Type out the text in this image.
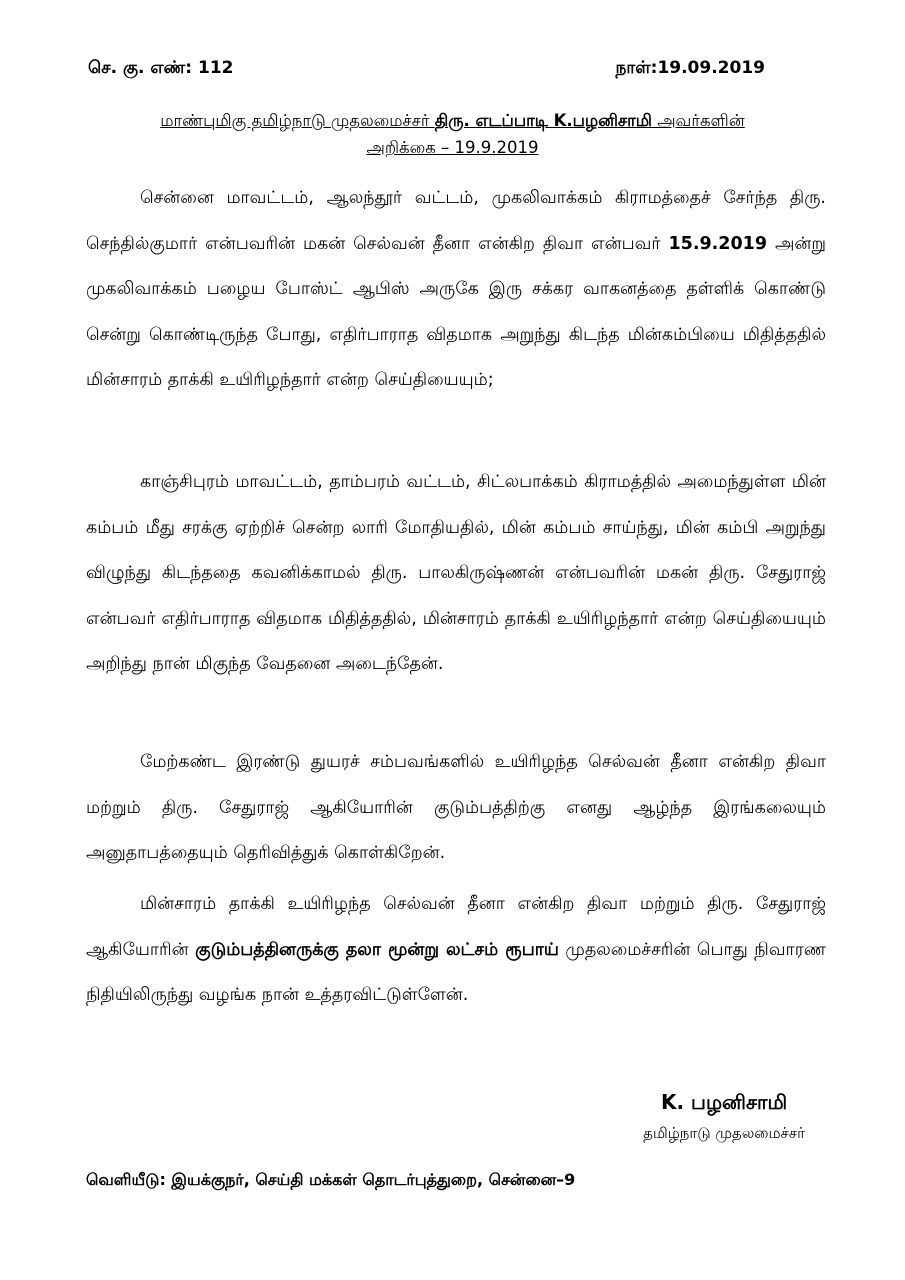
செ. கு. எண்: 112	நாள்:19.09.2019
மாண்புமிகு தமிழ்நாடு முதலமைச்சர் திரு. எடப்பாடி K.பழனிசாமி அவர்களின்
அறிக்கை – 19.9.2019

சென்னை மாவட்டம், ஆலந்தூர் வட்டம், முகலிவாக்கம் கிராமத்தைச் சேர்ந்த திரு. செந்தில்குமார் என்பவரின் மகன் செல்வன் தீனா என்கிற திவா என்பவர் 15.9.2019 அன்று முகலிவாக்கம் பழைய போஸ்ட் ஆபிஸ் அருகே இரு சக்கர வாகனத்தை தள்ளிக் கொண்டு சென்று கொண்டிருந்த போது, எதிர்பாராத விதமாக அறுந்து கிடந்த மின்கம்பியை மிதித்ததில் மின்சாரம் தாக்கி உயிரிழந்தார் என்ற செய்தியையும்;

காஞ்சிபுரம் மாவட்டம், தாம்பரம் வட்டம், சிட்லபாக்கம் கிராமத்தில் அமைந்துள்ள மின் கம்பம் மீது சரக்கு ஏற்றிச் சென்ற லாரி மோதியதில், மின் கம்பம் சாய்ந்து, மின் கம்பி அறுந்து விழுந்து கிடந்ததை கவனிக்காமல் திரு. பாலகிருஷ்ணன் என்பவரின் மகன் திரு. சேதுராஜ் என்பவர் எதிர்பாராத விதமாக மிதித்ததில், மின்சாரம் தாக்கி உயிரிழந்தார் என்ற செய்தியையும் அறிந்து நான் மிகுந்த வேதனை அடைந்தேன்.

மேற்கண்ட இரண்டு துயரச் சம்பவங்களில் உயிரிழந்த செல்வன் தீனா என்கிற திவா மற்றும் திரு. சேதுராஜ் ஆகியோரின் குடும்பத்திற்கு எனது ஆழ்ந்த இரங்கலையும் அனுதாபத்தையும் தெரிவித்துக் கொள்கிறேன்.

மின்சாரம் தாக்கி உயிரிழந்த செல்வன் தீனா என்கிற திவா மற்றும் திரு. சேதுராஜ் ஆகியோரின் குடும்பத்தினருக்கு தலா மூன்று லட்சம் ரூபாய் முதலமைச்சரின் பொது நிவாரண நிதியிலிருந்து வழங்க நான் உத்தரவிட்டுள்ளேன்.

K. பழனிசாமி
தமிழ்நாடு முதலமைச்சர்
வெளியீடு: இயக்குநர், செய்தி மக்கள் தொடர்புத்துறை, சென்னை–9
